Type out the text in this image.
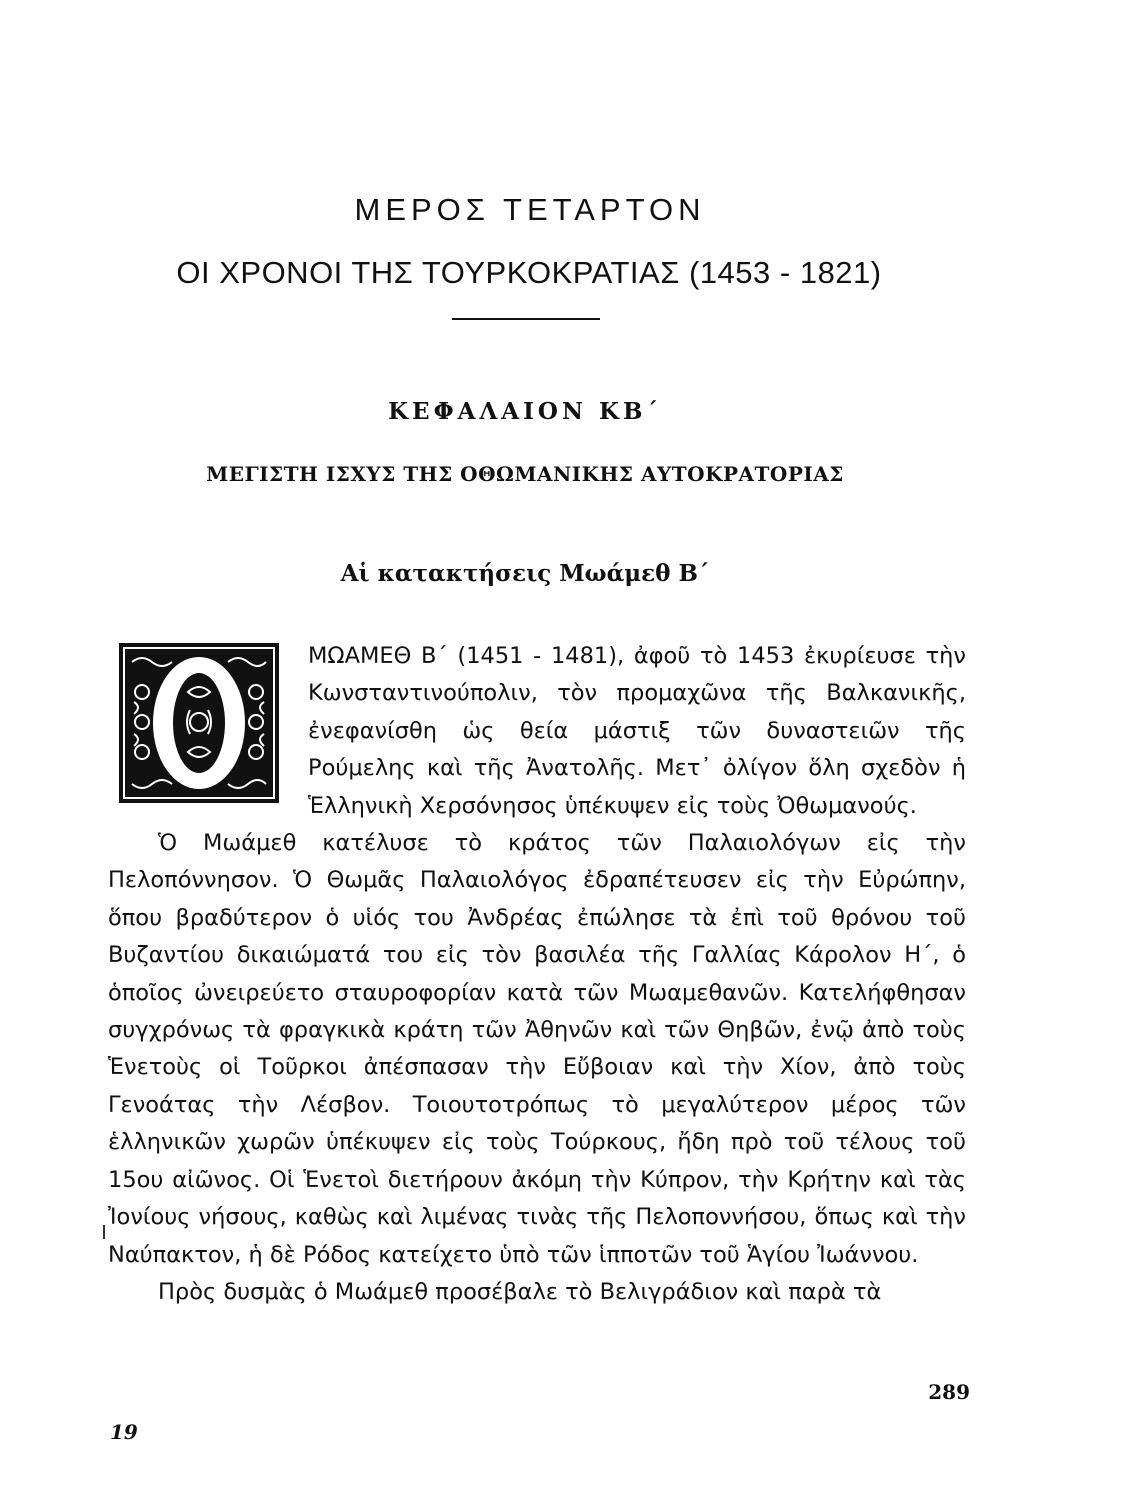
ΜΕΡΟΣ ΤΕΤΑΡΤΟΝ
ΟΙ ΧΡΟΝΟΙ ΤΗΣ ΤΟΥΡΚΟΚΡΑΤΙΑΣ (1453 - 1821)
ΚΕΦΑΛΑΙΟΝ ΚΒ΄
ΜΕΓΙΣΤΗ ΙΣΧΥΣ ΤΗΣ ΟΘΩΜΑΝΙΚΗΣ ΑΥΤΟΚΡΑΤΟΡΙΑΣ
Αἱ κατακτήσεις Μωάμεθ Β΄

ΜΩΑΜΕΘ Β΄ (1451 - 1481), ἀφοῦ τὸ 1453 ἐκυρίευσε τὴν Κωνσταντινούπολιν, τὸν προμαχῶνα τῆς Βαλκανικῆς, ἐνεφανίσθη ὡς θεία μάστιξ τῶν δυναστειῶν τῆς Ρούμελης καὶ τῆς Ἀνατολῆς. Μετ᾽ ὀλίγον ὅλη σχεδὸν ἡ Ἑλληνικὴ Χερσόνησος ὑπέκυψεν εἰς τοὺς Ὀθωμανούς.

Ὁ Μωάμεθ κατέλυσε τὸ κράτος τῶν Παλαιολόγων εἰς τὴν Πελοπόννησον. Ὁ Θωμᾶς Παλαιολόγος ἐδραπέτευσεν εἰς τὴν Εὐρώπην, ὅπου βραδύτερον ὁ υἱός του Ἀνδρέας ἐπώλησε τὰ ἐπὶ τοῦ θρόνου τοῦ Βυζαντίου δικαιώματά του εἰς τὸν βασιλέα τῆς Γαλλίας Κάρολον Η΄, ὁ ὁποῖος ὠνειρεύετο σταυροφορίαν κατὰ τῶν Μωαμεθανῶν. Κατελήφθησαν συγχρόνως τὰ φραγκικὰ κράτη τῶν Ἀθηνῶν καὶ τῶν Θηβῶν, ἐνῷ ἀπὸ τοὺς Ἑνετοὺς οἱ Τοῦρκοι ἀπέσπασαν τὴν Εὔβοιαν καὶ τὴν Χίον, ἀπὸ τοὺς Γενοάτας τὴν Λέσβον. Τοιουτοτρόπως τὸ μεγαλύτερον μέρος τῶν ἑλληνικῶν χωρῶν ὑπέκυψεν εἰς τοὺς Τούρκους, ἤδη πρὸ τοῦ τέλους τοῦ 15ου αἰῶνος. Οἱ Ἑνετοὶ διετήρουν ἀκόμη τὴν Κύπρον, τὴν Κρήτην καὶ τὰς Ἰονίους νήσους, καθὼς καὶ λιμένας τινὰς τῆς Πελοποννήσου, ὅπως καὶ τὴν Ναύπακτον, ἡ δὲ Ρόδος κατείχετο ὑπὸ τῶν ἱπποτῶν τοῦ Ἁγίου Ἰωάννου.

Πρὸς δυσμὰς ὁ Μωάμεθ προσέβαλε τὸ Βελιγράδιον καὶ παρὰ τὰ

289
19
